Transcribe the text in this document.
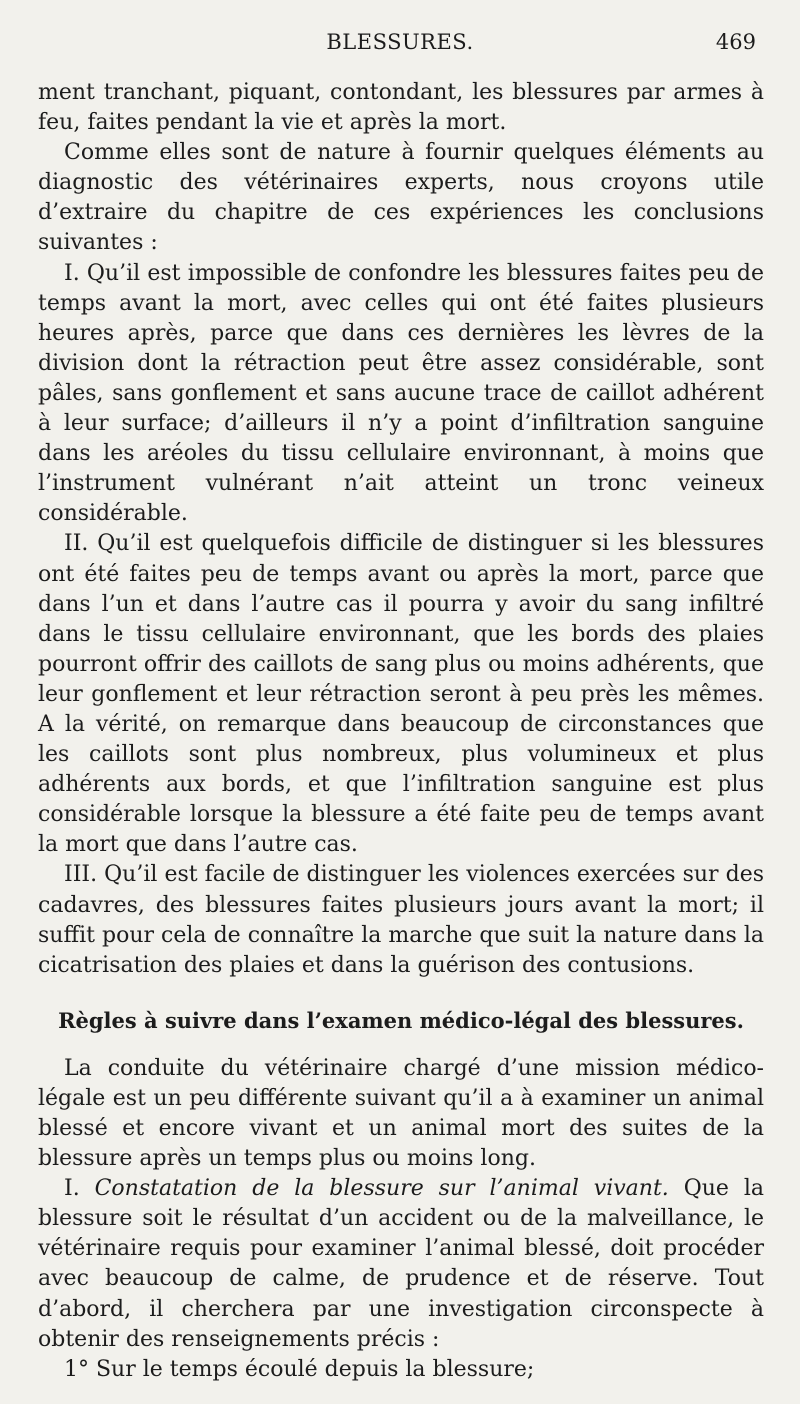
BLESSURES.	469

ment tranchant, piquant, contondant, les blessures par armes à feu, faites pendant la vie et après la mort.

Comme elles sont de nature à fournir quelques éléments au diagnostic des vétérinaires experts, nous croyons utile d’extraire du chapitre de ces expériences les conclusions suivantes :

I. Qu’il est impossible de confondre les blessures faites peu de temps avant la mort, avec celles qui ont été faites plusieurs heures après, parce que dans ces dernières les lèvres de la division dont la rétraction peut être assez considérable, sont pâles, sans gonflement et sans aucune trace de caillot adhérent à leur surface; d’ailleurs il n’y a point d’infiltration sanguine dans les aréoles du tissu cellulaire environnant, à moins que l’instrument vulnérant n’ait atteint un tronc veineux considérable.

II. Qu’il est quelquefois difficile de distinguer si les blessures ont été faites peu de temps avant ou après la mort, parce que dans l’un et dans l’autre cas il pourra y avoir du sang infiltré dans le tissu cellulaire environnant, que les bords des plaies pourront offrir des caillots de sang plus ou moins adhérents, que leur gonflement et leur rétraction seront à peu près les mêmes. A la vérité, on remarque dans beaucoup de circonstances que les caillots sont plus nombreux, plus volumineux et plus adhérents aux bords, et que l’infiltration sanguine est plus considérable lorsque la blessure a été faite peu de temps avant la mort que dans l’autre cas.

III. Qu’il est facile de distinguer les violences exercées sur des cadavres, des blessures faites plusieurs jours avant la mort; il suffit pour cela de connaître la marche que suit la nature dans la cicatrisation des plaies et dans la guérison des contusions.

Règles à suivre dans l’examen médico-légal des blessures.

La conduite du vétérinaire chargé d’une mission médico-légale est un peu différente suivant qu’il a à examiner un animal blessé et encore vivant et un animal mort des suites de la blessure après un temps plus ou moins long.

I. Constatation de la blessure sur l’animal vivant. Que la blessure soit le résultat d’un accident ou de la malveillance, le vétérinaire requis pour examiner l’animal blessé, doit procéder avec beaucoup de calme, de prudence et de réserve. Tout d’abord, il cherchera par une investigation circonspecte à obtenir des renseignements précis :

1° Sur le temps écoulé depuis la blessure;
